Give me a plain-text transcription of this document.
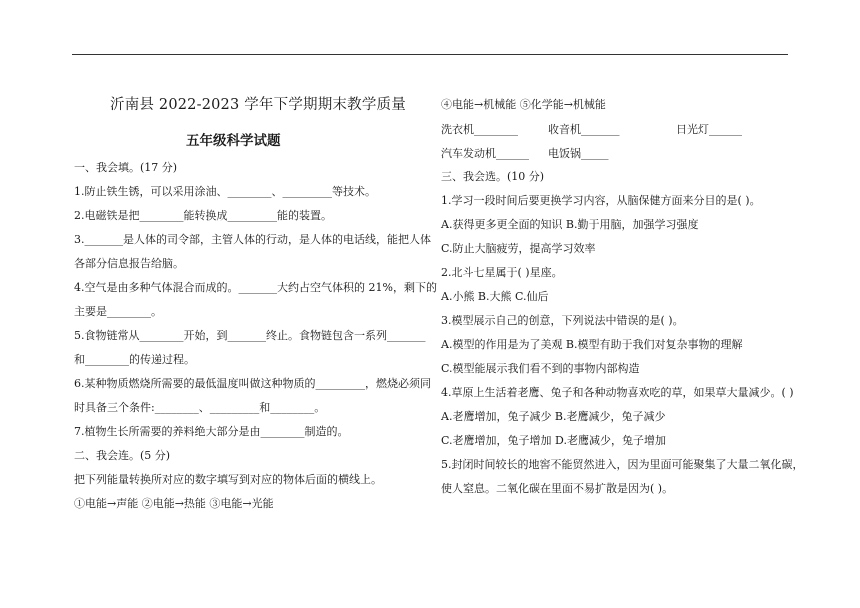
沂南县 2022-2023 学年下学期期末教学质量
五年级科学试题
一、我会填。(17 分)
1.防止铁生锈，可以采用涂油、________、_________等技术。
2.电磁铁是把________能转换成_________能的装置。
3._______是人体的司令部，主管人体的行动，是人体的电话线，能把人体
各部分信息报告给脑。
4.空气是由多种气体混合而成的。_______大约占空气体积的 21%，剩下的
主要是________。
5.食物链常从________开始，到_______终止。食物链包含一系列_______
和________的传递过程。
6.某种物质燃烧所需要的最低温度叫做这种物质的_________，燃烧必须同
时具备三个条件:________、_________和________。
7.植物生长所需要的养料绝大部分是由________制造的。
二、我会连。(5 分)
把下列能量转换所对应的数字填写到对应的物体后面的横线上。
①电能→声能 ②电能→热能 ③电能→光能
④电能→机械能 ⑤化学能→机械能
洗衣机________	收音机_______	日光灯______
汽车发动机______ 电饭锅_____
三、我会选。(10 分)
1.学习一段时间后要更换学习内容，从脑保健方面来分目的是( )。
A.获得更多更全面的知识 B.勤于用脑，加强学习强度
C.防止大脑疲劳，提高学习效率
2.北斗七星属于( )星座。
A.小熊 B.大熊 C.仙后
3.模型展示自己的创意，下列说法中错误的是( )。
A.模型的作用是为了美观 B.模型有助于我们对复杂事物的理解
C.模型能展示我们看不到的事物内部构造
4.草原上生活着老鹰、兔子和各种动物喜欢吃的草，如果草大量减少。( )
A.老鹰增加，兔子减少 B.老鹰减少，兔子减少
C.老鹰增加，兔子增加 D.老鹰减少，兔子增加
5.封闭时间较长的地窖不能贸然进入，因为里面可能聚集了大量二氧化碳，
使人窒息。二氧化碳在里面不易扩散是因为( )。
